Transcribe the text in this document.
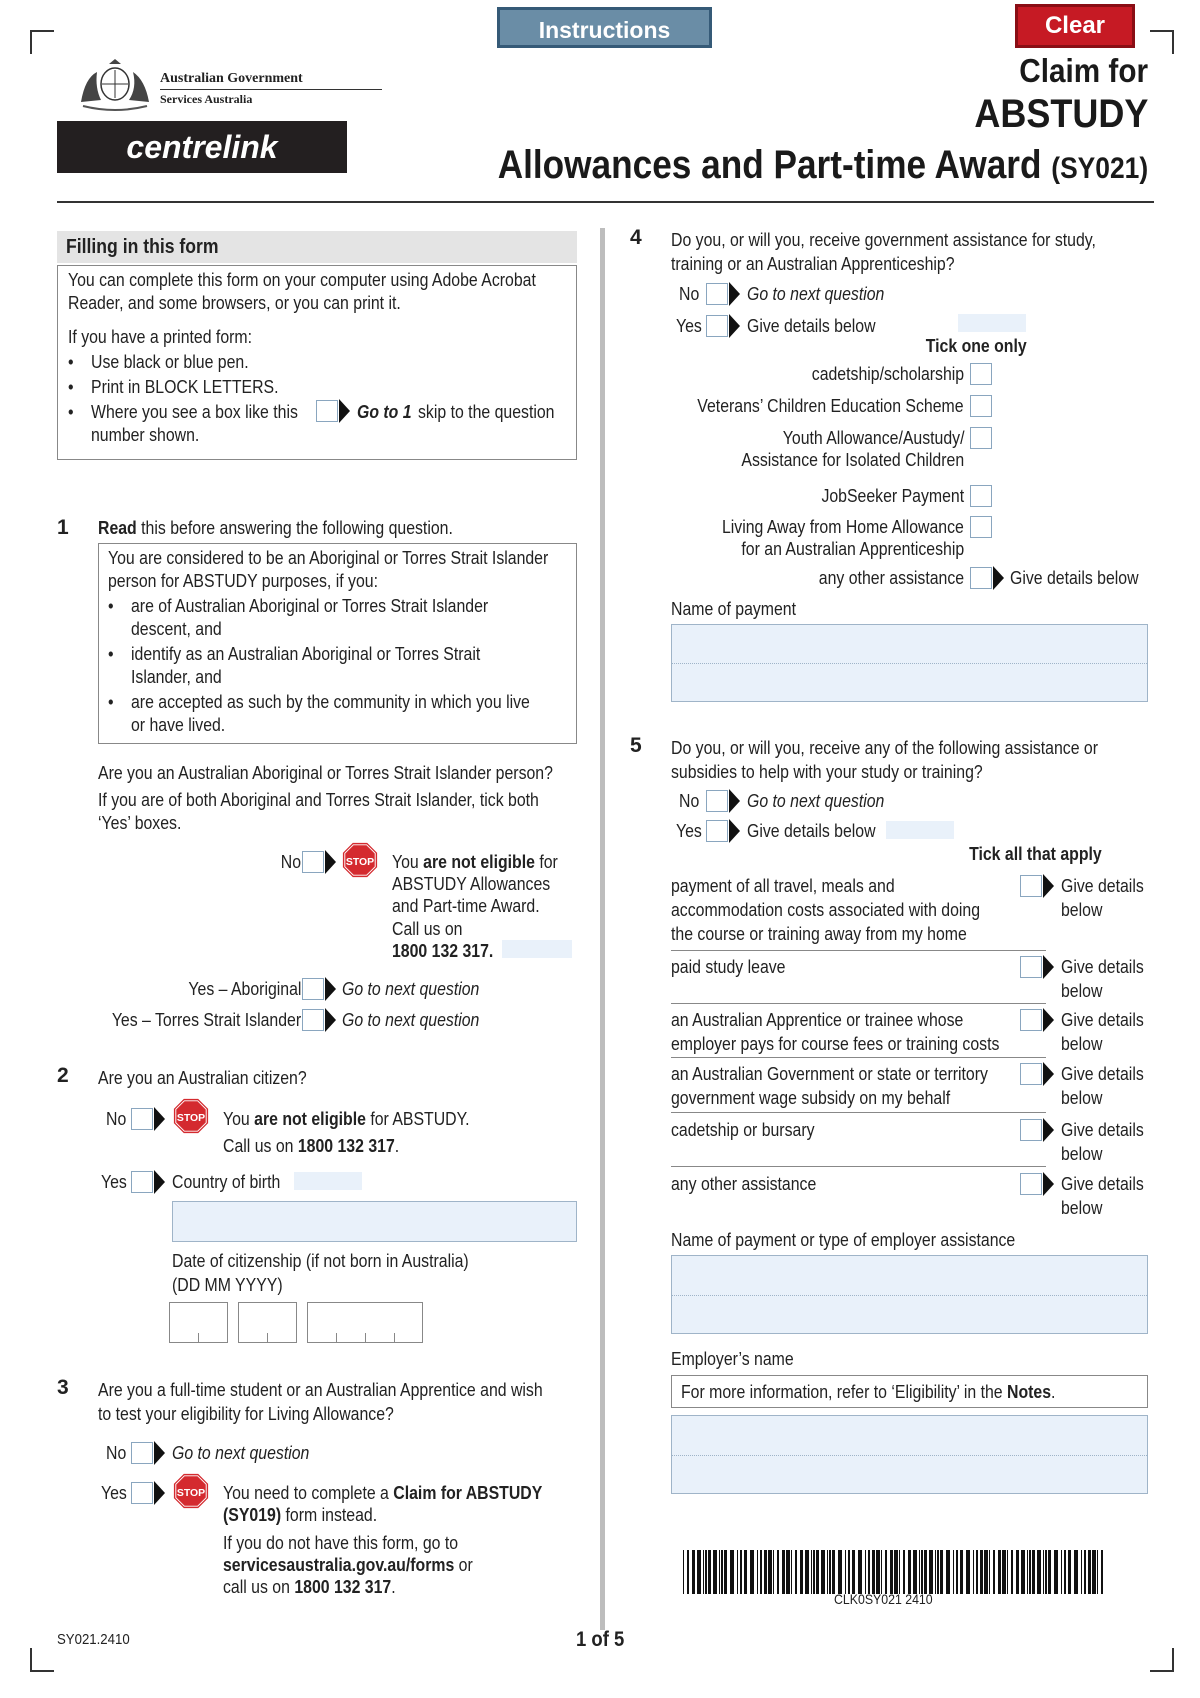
Instructions	Clear
Australian Government
Services Australia
centrelink
Claim for
ABSTUDY
Allowances and Part-time Award (SY021)
Filling in this form
You can complete this form on your computer using Adobe Acrobat
Reader, and some browsers, or you can print it.
If you have a printed form:
• Use black or blue pen.
• Print in BLOCK LETTERS.
• Where you see a box like this	Go to 1 skip to the question
number shown.
1 Read this before answering the following question.
You are considered to be an Aboriginal or Torres Strait Islander
person for ABSTUDY purposes, if you:
• are of Australian Aboriginal or Torres Strait Islander
descent, and
• identify as an Australian Aboriginal or Torres Strait
Islander, and
• are accepted as such by the community in which you live
or have lived.
Are you an Australian Aboriginal or Torres Strait Islander person?
If you are of both Aboriginal and Torres Strait Islander, tick both
‘Yes’ boxes.
No	STOP You are not eligible for
ABSTUDY Allowances
and Part-time Award.
Call us on
1800 132 317.
Yes – Aboriginal Go to next question
Yes – Torres Strait Islander Go to next question
2 Are you an Australian citizen?
No	STOP You are not eligible for ABSTUDY.
Call us on 1800 132 317.
Yes	Country of birth
Date of citizenship (if not born in Australia)
(DD MM YYYY)
3 Are you a full-time student or an Australian Apprentice and wish
to test your eligibility for Living Allowance?
No	Go to next question
Yes	STOP You need to complete a Claim for ABSTUDY
(SY019) form instead.
If you do not have this form, go to
servicesaustralia.gov.au/forms or
call us on 1800 132 317.
4 Do you, or will you, receive government assistance for study,
training or an Australian Apprenticeship?
No	Go to next question
Yes	Give details below
Tick one only
cadetship/scholarship
Veterans’ Children Education Scheme
Youth Allowance/Austudy/
Assistance for Isolated Children
JobSeeker Payment
Living Away from Home Allowance
for an Australian Apprenticeship
any other assistance	Give details below
Name of payment
5 Do you, or will you, receive any of the following assistance or
subsidies to help with your study or training?
No	Go to next question
Yes	Give details below
Tick all that apply
payment of all travel, meals and
accommodation costs associated with doing
the course or training away from my home
Give details
below
paid study leave	Give details
below
an Australian Apprentice or trainee whose
employer pays for course fees or training costs
Give details
below
an Australian Government or state or territory
government wage subsidy on my behalf
Give details
below
cadetship or bursary	Give details
below
any other assistance	Give details
below
Name of payment or type of employer assistance
Employer’s name
For more information, refer to ‘Eligibility’ in the Notes.
CLK0SY021 2410
SY021.2410	1 of 5
